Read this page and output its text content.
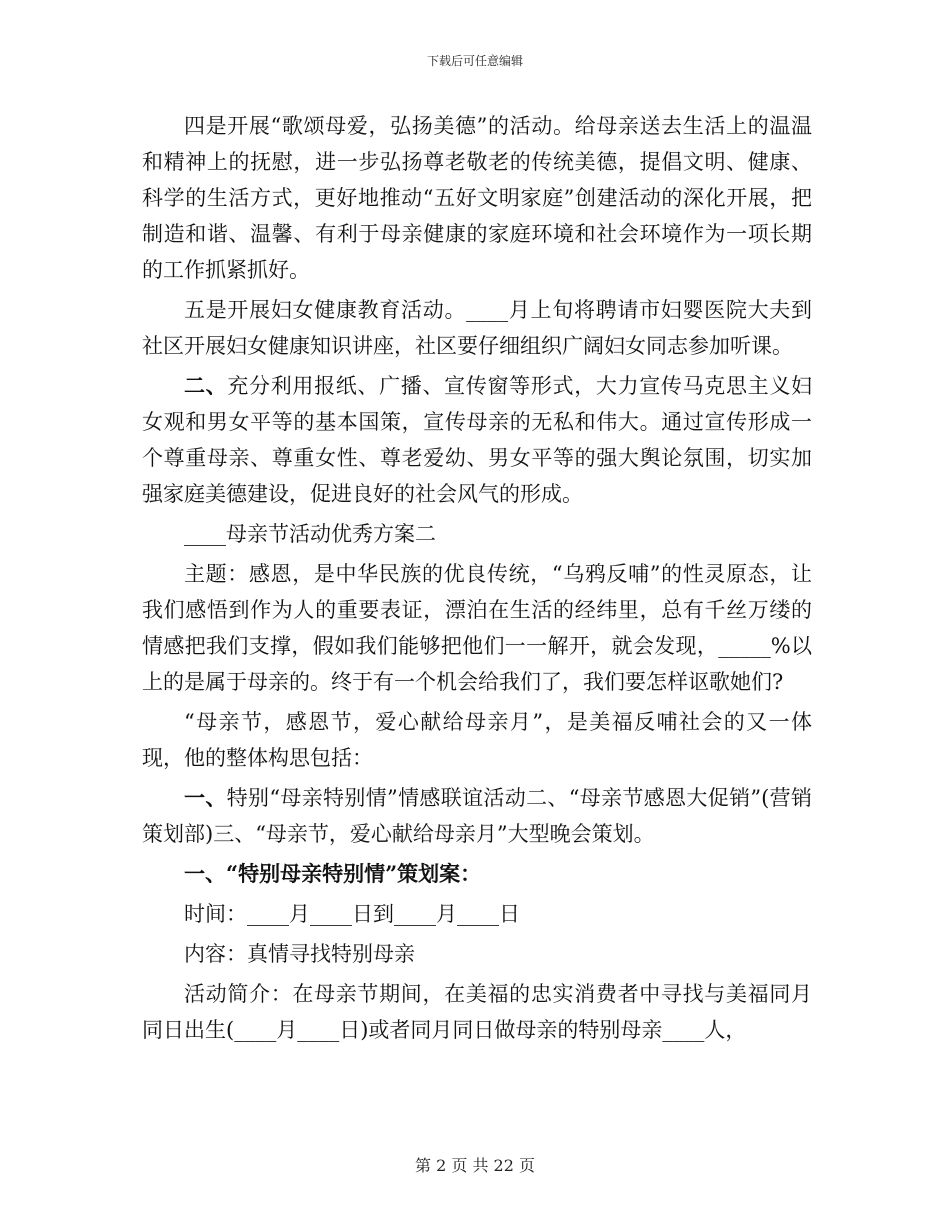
下载后可任意编辑

四是开展“歌颂母爱，弘扬美德”的活动。给母亲送去生活上的温温和精神上的抚慰，进一步弘扬尊老敬老的传统美德，提倡文明、健康、科学的生活方式，更好地推动“五好文明家庭”创建活动的深化开展，把制造和谐、温馨、有利于母亲健康的家庭环境和社会环境作为一项长期的工作抓紧抓好。

五是开展妇女健康教育活动。____月上旬将聘请市妇婴医院大夫到社区开展妇女健康知识讲座，社区要仔细组织广阔妇女同志参加听课。

二、充分利用报纸、广播、宣传窗等形式，大力宣传马克思主义妇女观和男女平等的基本国策，宣传母亲的无私和伟大。通过宣传形成一个尊重母亲、尊重女性、尊老爱幼、男女平等的强大舆论氛围，切实加强家庭美德建设，促进良好的社会风气的形成。

____母亲节活动优秀方案二

主题：感恩，是中华民族的优良传统，“乌鸦反哺”的性灵原态，让我们感悟到作为人的重要表证，漂泊在生活的经纬里，总有千丝万缕的情感把我们支撑，假如我们能够把他们一一解开，就会发现，_____%以上的是属于母亲的。终于有一个机会给我们了，我们要怎样讴歌她们?

“母亲节，感恩节，爱心献给母亲月”，是美福反哺社会的又一体现，他的整体构思包括：

一、特别“母亲特别情”情感联谊活动二、“母亲节感恩大促销”(营销策划部)三、“母亲节，爱心献给母亲月”大型晚会策划。

一、“特别母亲特别情”策划案：

时间：____月____日到____月____日

内容：真情寻找特别母亲

活动简介：在母亲节期间，在美福的忠实消费者中寻找与美福同月同日出生(____月____日)或者同月同日做母亲的特别母亲____人，

第 2 页 共 22 页
